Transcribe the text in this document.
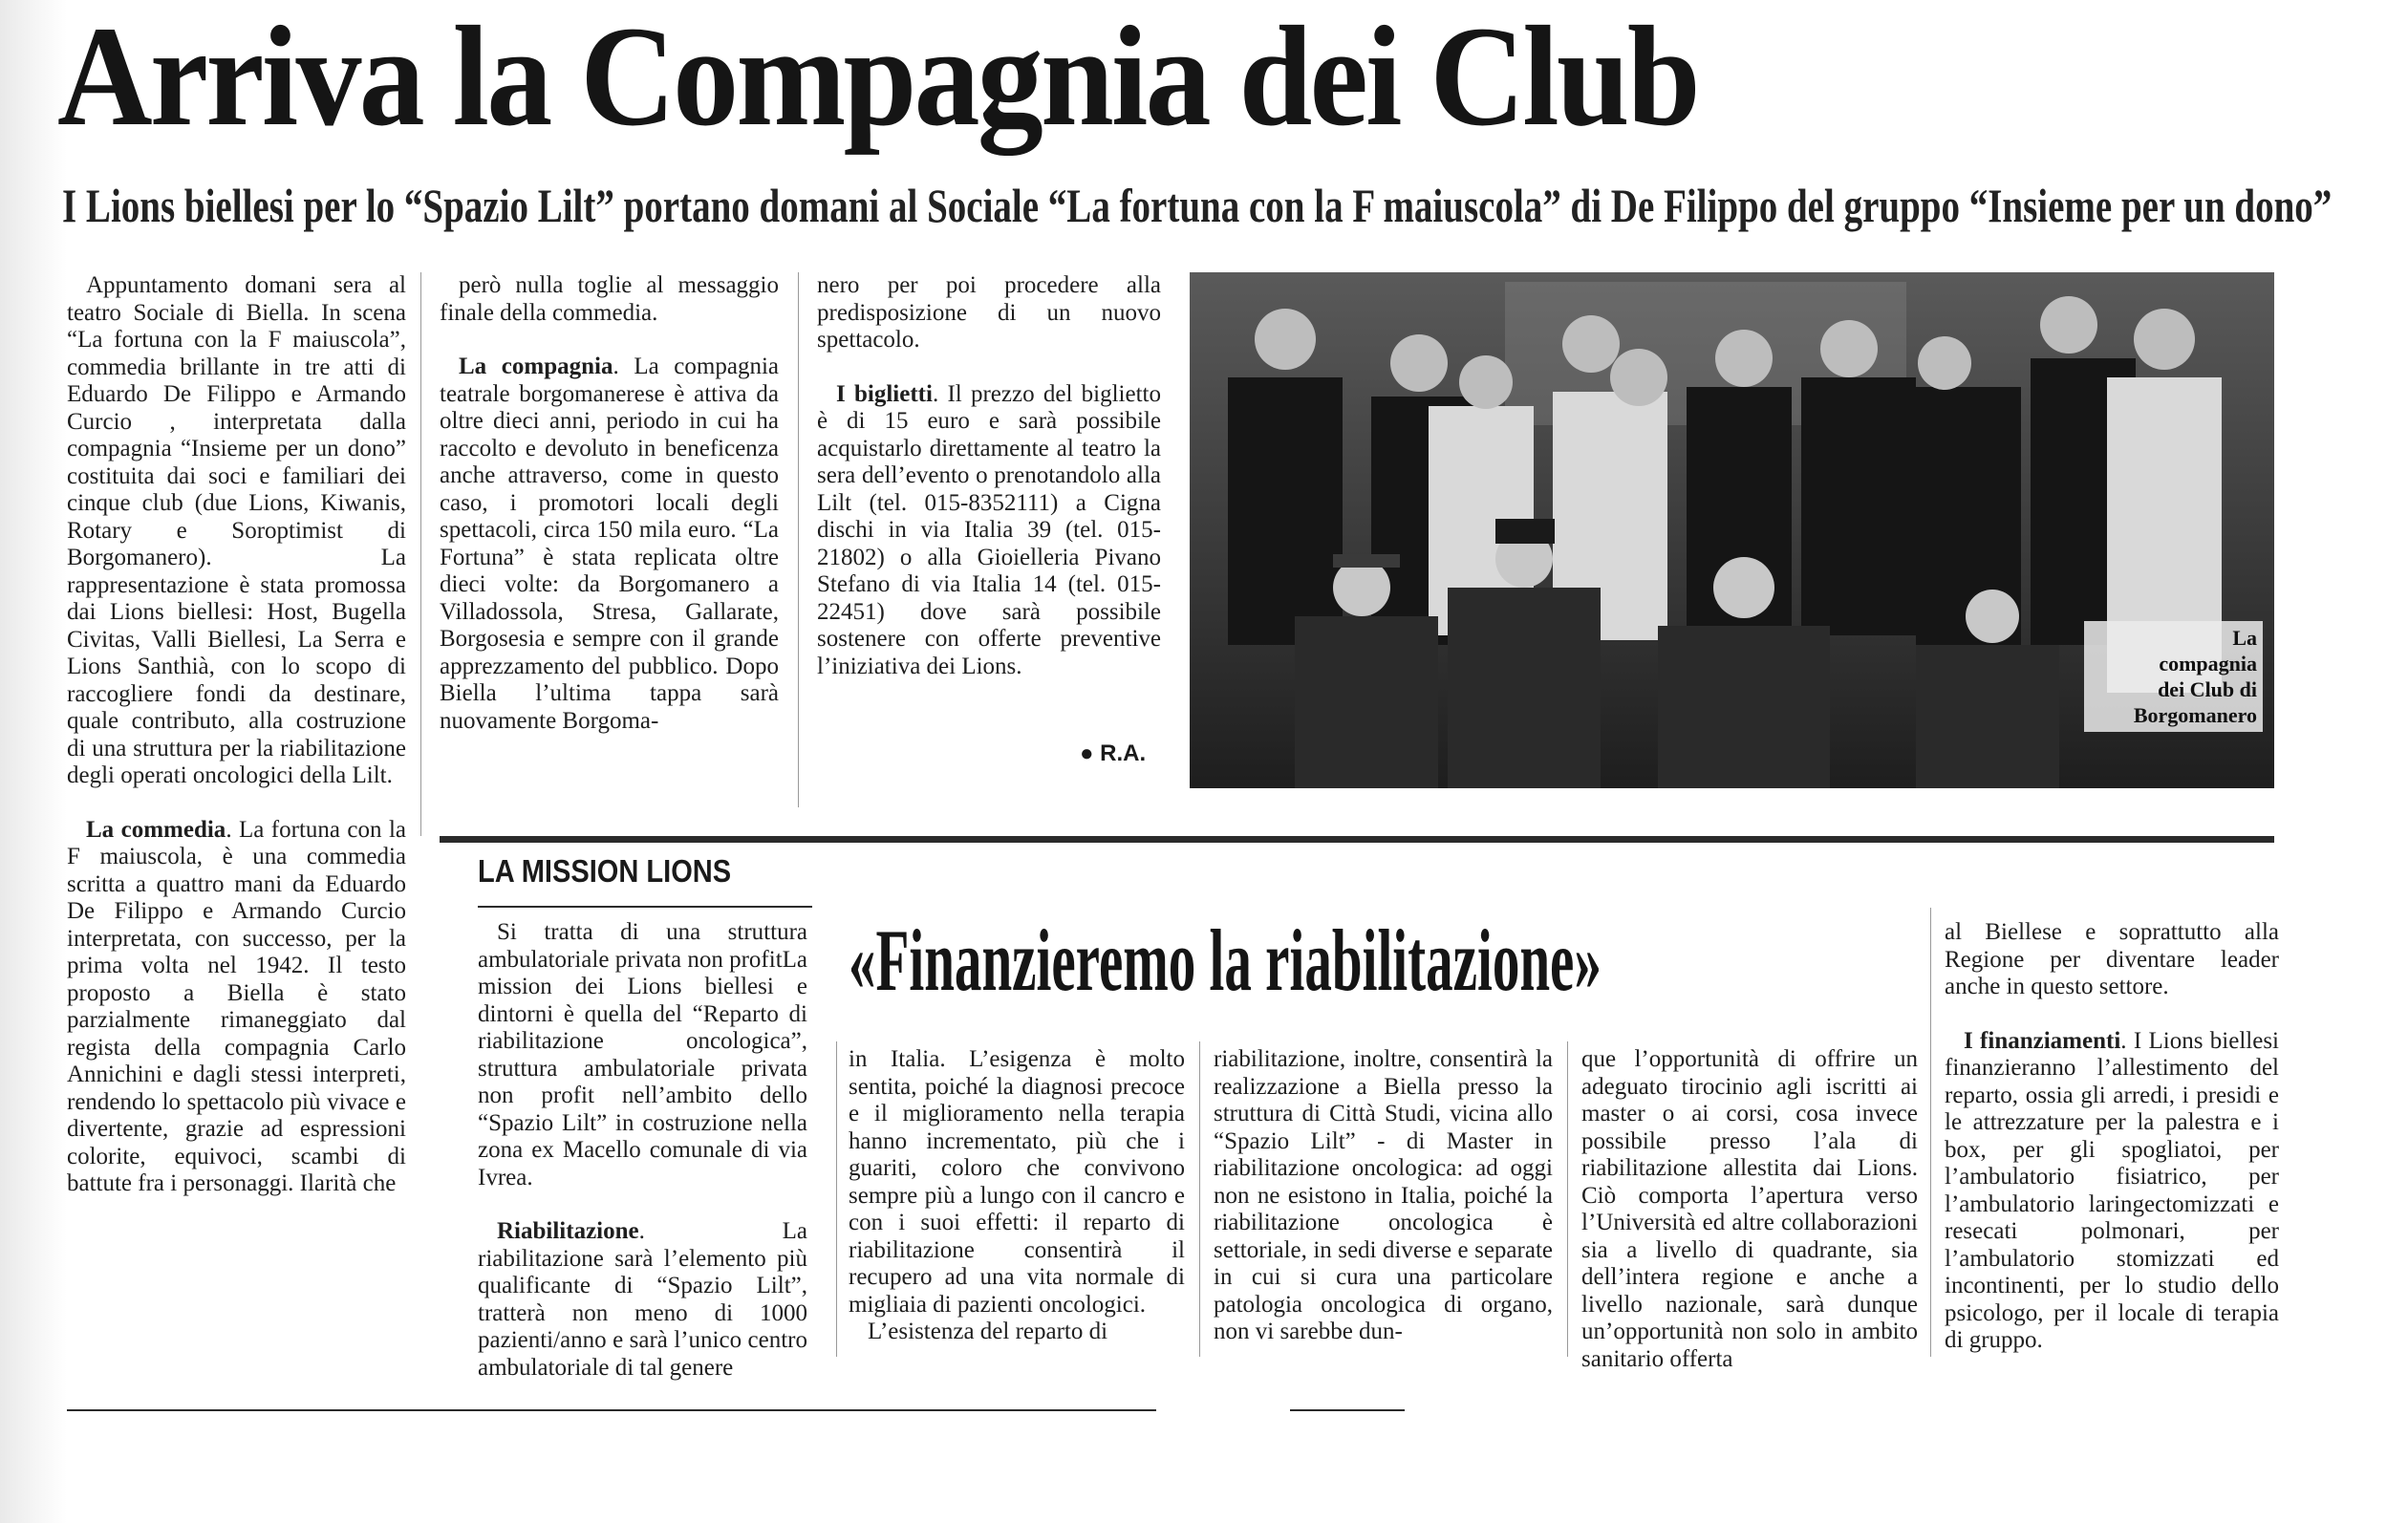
Arriva la Compagnia dei Club
I Lions biellesi per lo “Spazio Lilt” portano domani al Sociale “La fortuna con la F maiuscola” di De Filippo del gruppo “Insieme per un dono”

Appuntamento domani sera al teatro Sociale di Biella. In scena “La fortuna con la F maiuscola”, commedia brillante in tre atti di Eduardo De Filippo e Armando Curcio , interpretata dalla compagnia “Insieme per un dono” costituita dai soci e familiari dei cinque club (due Lions, Kiwanis, Rotary e Soroptimist di Borgomanero). La rappresentazione è stata promossa dai Lions biellesi: Host, Bugella Civitas, Valli Biellesi, La Serra e Lions Santhià, con lo scopo di raccogliere fondi da destinare, quale contributo, alla costruzione di una struttura per la riabilitazione degli operati oncologici della Lilt.

La commedia. La fortuna con la F maiuscola, è una commedia scritta a quattro mani da Eduardo De Filippo e Armando Curcio interpretata, con successo, per la prima volta nel 1942. Il testo proposto a Biella è stato parzialmente rimaneggiato dal regista della compagnia Carlo Annichini e dagli stessi interpreti, rendendo lo spettacolo più vivace e divertente, grazie ad espressioni colorite, equivoci, scambi di battute fra i personaggi. Ilarità che

però nulla toglie al messaggio finale della commedia.

La compagnia. La compagnia teatrale borgomanerese è attiva da oltre dieci anni, periodo in cui ha raccolto e devoluto in beneficenza anche attraverso, come in questo caso, i promotori locali degli spettacoli, circa 150 mila euro. “La Fortuna” è stata replicata oltre dieci volte: da Borgomanero a Villadossola, Stresa, Gallarate, Borgosesia e sempre con il grande apprezzamento del pubblico. Dopo Biella l’ultima tappa sarà nuovamente Borgoma-

nero per poi procedere alla predisposizione di un nuovo spettacolo.

I biglietti. Il prezzo del biglietto è di 15 euro e sarà possibile acquistarlo direttamente al teatro la sera dell’evento o prenotandolo alla Lilt (tel. 015-8352111) a Cigna dischi in via Italia 39 (tel. 015-21802) o alla Gioielleria Pivano Stefano di via Italia 14 (tel. 015-22451) dove sarà possibile sostenere con offerte preventive l’iniziativa dei Lions.

● R.A.
La
compagnia
dei Club di
Borgomanero
LA MISSION LIONS
«Finanzieremo la riabilitazione»

Si tratta di una struttura ambulatoriale privata non profitLa mission dei Lions biellesi e dintorni è quella del “Reparto di riabilitazione oncologica”, struttura ambulatoriale privata non profit nell’ambito dello “Spazio Lilt” in costruzione nella zona ex Macello comunale di via Ivrea.

Riabilitazione. La riabilitazione sarà l’elemento più qualificante di “Spazio Lilt”, tratterà non meno di 1000 pazienti/anno e sarà l’unico centro ambulatoriale di tal genere

in Italia. L’esigenza è molto sentita, poiché la diagnosi precoce e il miglioramento nella terapia hanno incrementato, più che i guariti, coloro che convivono sempre più a lungo con il cancro e con i suoi effetti: il reparto di riabilitazione consentirà il recupero ad una vita normale di migliaia di pazienti oncologici.

L’esistenza del reparto di

riabilitazione, inoltre, consentirà la realizzazione a Biella presso la struttura di Città Studi, vicina allo “Spazio Lilt” - di Master in riabilitazione oncologica: ad oggi non ne esistono in Italia, poiché la riabilitazione oncologica è settoriale, in sedi diverse e separate in cui si cura una particolare patologia oncologica di organo, non vi sarebbe dun-

que l’opportunità di offrire un adeguato tirocinio agli iscritti ai master o ai corsi, cosa invece possibile presso l’ala di riabilitazione allestita dai Lions. Ciò comporta l’apertura verso l’Università ed altre collaborazioni sia a livello di quadrante, sia dell’intera regione e anche a livello nazionale, sarà dunque un’opportunità non solo in ambito sanitario offerta

al Biellese e soprattutto alla Regione per diventare leader anche in questo settore.

I finanziamenti. I Lions biellesi finanzieranno l’allestimento del reparto, ossia gli arredi, i presidi e le attrezzature per la palestra e i box, per gli spogliatoi, per l’ambulatorio fisiatrico, per l’ambulatorio laringectomizzati e resecati polmonari, per l’ambulatorio stomizzati ed incontinenti, per lo studio dello psicologo, per il locale di terapia di gruppo.
